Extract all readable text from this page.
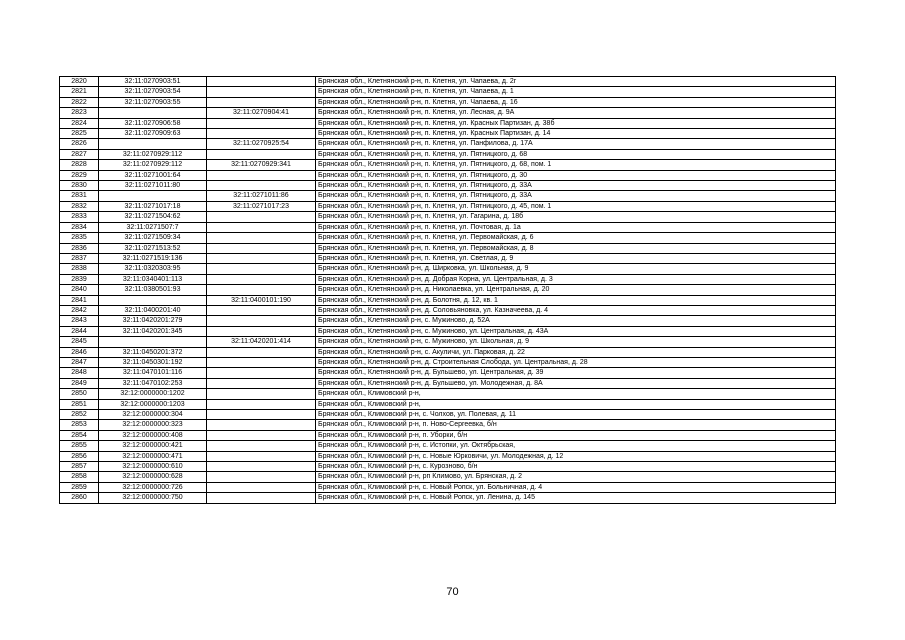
2820	32:11:0270903:51		Брянская обл., Клетнянский р-н, п. Клетня, ул. Чапаева, д. 2г
2821	32:11:0270903:54		Брянская обл., Клетнянский р-н, п. Клетня, ул. Чапаева, д. 1
2822	32:11:0270903:55		Брянская обл., Клетнянский р-н, п. Клетня, ул. Чапаева, д. 16
2823		32:11:0270904:41	Брянская обл., Клетнянский р-н, п. Клетня, ул. Лесная, д. 9А
2824	32:11:0270906:58		Брянская обл., Клетнянский р-н, п. Клетня, ул. Красных Партизан, д. 38б
2825	32:11:0270909:63		Брянская обл., Клетнянский р-н, п. Клетня, ул. Красных Партизан, д. 14
2826		32:11:0270925:54	Брянская обл., Клетнянский р-н, п. Клетня, ул. Панфилова, д. 17А
2827	32:11:0270929:112		Брянская обл., Клетнянский р-н, п. Клетня, ул. Пятницкого, д. 68
2828	32:11:0270929:112	32:11:0270929:341	Брянская обл., Клетнянский р-н, п. Клетня, ул. Пятницкого, д. 68, пом. 1
2829	32:11:0271001:64		Брянская обл., Клетнянский р-н, п. Клетня, ул. Пятницкого, д. 30
2830	32:11:0271011:80		Брянская обл., Клетнянский р-н, п. Клетня, ул. Пятницкого, д. 33А
2831		32:11:0271011:86	Брянская обл., Клетнянский р-н, п. Клетня, ул. Пятницкого, д. 33А
2832	32:11:0271017:18	32:11:0271017:23	Брянская обл., Клетнянский р-н, п. Клетня, ул. Пятницкого, д. 45, пом. 1
2833	32:11:0271504:62		Брянская обл., Клетнянский р-н, п. Клетня, ул. Гагарина, д. 18б
2834	32:11:0271507:7		Брянская обл., Клетнянский р-н, п. Клетня, ул. Почтовая, д. 1а
2835	32:11:0271509:34		Брянская обл., Клетнянский р-н, п. Клетня, ул. Первомайская, д. 6
2836	32:11:0271513:52		Брянская обл., Клетнянский р-н, п. Клетня, ул. Первомайская, д. 8
2837	32:11:0271519:136		Брянская обл., Клетнянский р-н, п. Клетня, ул. Светлая, д. 9
2838	32:11:0320303:95		Брянская обл., Клетнянский р-н, д. Ширковка, ул. Школьная, д. 9
2839	32:11:0340401:113		Брянская обл., Клетнянский р-н, д. Добрая Корна, ул. Центральная, д. 3
2840	32:11:0380501:93		Брянская обл., Клетнянский р-н, д. Николаевка, ул. Центральная, д. 20
2841		32:11:0400101:190	Брянская обл., Клетнянский р-н, д. Болотня, д. 12, кв. 1
2842	32:11:0400201:40		Брянская обл., Клетнянский р-н, д. Соловьяновка, ул. Казначеева, д. 4
2843	32:11:0420201:279		Брянская обл., Клетнянский р-н, с. Мужиново, д. 52А
2844	32:11:0420201:345		Брянская обл., Клетнянский р-н, с. Мужиново, ул. Центральная, д. 43А
2845		32:11:0420201:414	Брянская обл., Клетнянский р-н, с. Мужиново, ул. Школьная, д. 9
2846	32:11:0450201:372		Брянская обл., Клетнянский р-н, с. Акуличи, ул. Парковая, д. 22
2847	32:11:0450301:192		Брянская обл., Клетнянский р-н, д. Строительная Слобода, ул. Центральная, д. 28
2848	32:11:0470101:116		Брянская обл., Клетнянский р-н, д. Бульшево, ул. Центральная, д. 39
2849	32:11:0470102:253		Брянская обл., Клетнянский р-н, д. Бульшево, ул. Молодежная, д. 8А
2850	32:12:0000000:1202		Брянская обл., Климовский р-н,
2851	32:12:0000000:1203		Брянская обл., Климовский р-н,
2852	32:12:0000000:304		Брянская обл., Климовский р-н, с. Чолхов, ул. Полевая, д. 11
2853	32:12:0000000:323		Брянская обл., Климовский р-н, п. Ново-Сергеевка, б/н
2854	32:12:0000000:408		Брянская обл., Климовский р-н, п. Уборки, б/н
2855	32:12:0000000:421		Брянская обл., Климовский р-н, с. Истопки, ул. Октябрьская,
2856	32:12:0000000:471		Брянская обл., Климовский р-н, с. Новые Юрковичи, ул. Молодежная, д. 12
2857	32:12:0000000:610		Брянская обл., Климовский р-н, с. Курозново, б/н
2858	32:12:0000000:628		Брянская обл., Климовский р-н, рп Климово, ул. Брянская, д. 2
2859	32:12:0000000:726		Брянская обл., Климовский р-н, с. Новый Ропск, ул. Больничная, д. 4
2860	32:12:0000000:750		Брянская обл., Климовский р-н, с. Новый Ропск, ул. Ленина, д. 145
70
